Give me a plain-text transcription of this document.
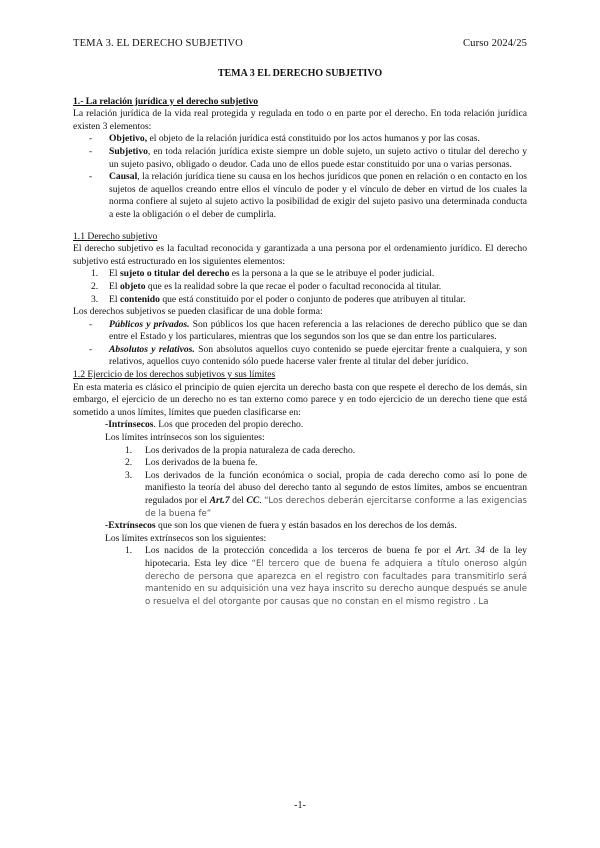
TEMA 3. EL DERECHO SUBJETIVO	Curso 2024/25
TEMA 3 EL DERECHO SUBJETIVO

1.- La relación jurídica y el derecho subjetivo

La relación jurídica de la vida real protegida y regulada en todo o en parte por el derecho. En toda relación jurídica existen 3 elementos:

- Objetivo, el objeto de la relación jurídica está constituido por los actos humanos y por las cosas.
- Subjetivo, en toda relación jurídica existe siempre un doble sujeto, un sujeto activo o titular del derecho y un sujeto pasivo, obligado o deudor. Cada uno de ellos puede estar constituido por una o varias personas.
- Causal, la relación jurídica tiene su causa en los hechos jurídicos que ponen en relación o en contacto en los sujetos de aquellos creando entre ellos el vínculo de poder y el vínculo de deber en virtud de los cuales la norma confiere al sujeto al sujeto activo la posibilidad de exigir del sujeto pasivo una determinada conducta a este la obligación o el deber de cumplirla.

1.1 Derecho subjetivo

El derecho subjetivo es la facultad reconocida y garantizada a una persona por el ordenamiento jurídico. El derecho subjetivo está estructurado en los siguientes elementos:

1. El sujeto o titular del derecho es la persona a la que se le atribuye el poder judicial.
2. El objeto que es la realidad sobre la que recae el poder o facultad reconocida al titular.
3. El contenido que está constituido por el poder o conjunto de poderes que atribuyen al titular.

Los derechos subjetivos se pueden clasificar de una doble forma:

- Públicos y privados. Son públicos los que hacen referencia a las relaciones de derecho público que se dan entre el Estado y los particulares, mientras que los segundos son los que se dan entre los particulares.
- Absolutos y relativos. Son absolutos aquellos cuyo contenido se puede ejercitar frente a cualquiera, y son relativos, aquellos cuyo contenido sólo puede hacerse valer frente al titular del deber jurídico.

1.2 Ejercicio de los derechos subjetivos y sus límites

En esta materia es clásico el principio de quien ejercita un derecho basta con que respete el derecho de los demás, sin embargo, el ejercicio de un derecho no es tan externo como parece y en todo ejercicio de un derecho tiene que está sometido a unos límites, límites que pueden clasificarse en:

-Intrínsecos. Los que proceden del propio derecho.
Los límites intrínsecos son los siguientes:
1. Los derivados de la propia naturaleza de cada derecho.
2. Los derivados de la buena fe.
3. Los derivados de la función económica o social, propia de cada derecho como así lo pone de manifiesto la teoría del abuso del derecho tanto al segundo de estos límites, ambos se encuentran regulados por el Art.7 del CC. “Los derechos deberán ejercitarse conforme a las exigencias de la buena fe”
-Extrínsecos que son los que vienen de fuera y están basados en los derechos de los demás.
Los límites extrínsecos son los siguientes:
1. Los nacidos de la protección concedida a los terceros de buena fe por el Art. 34 de la ley hipotecaria. Esta ley dice “El tercero que de buena fe adquiera a título oneroso algún derecho de persona que aparezca en el registro con facultades para transmitirlo será mantenido en su adquisición una vez haya inscrito su derecho aunque después se anule o resuelva el del otorgante por causas que no constan en el mismo registro . La
-1-
